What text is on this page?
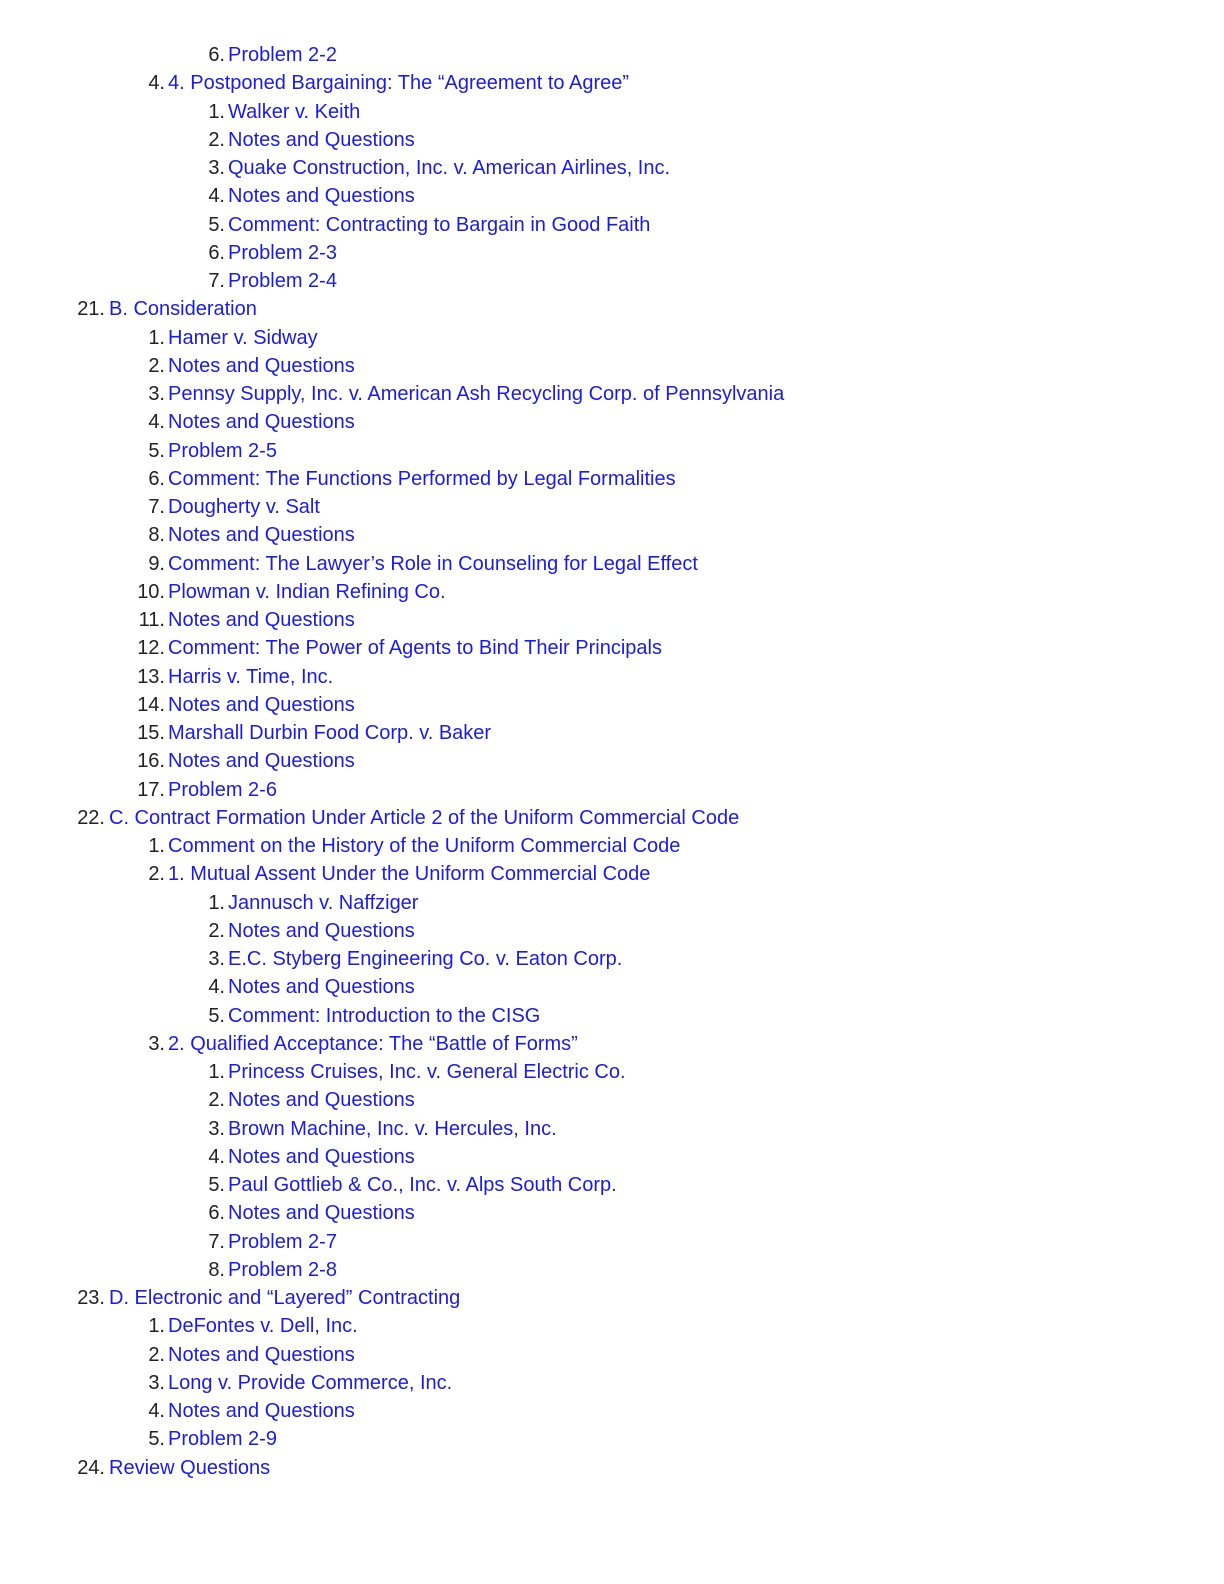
6. Problem 2-2
4. 4. Postponed Bargaining: The “Agreement to Agree”
1. Walker v. Keith
2. Notes and Questions
3. Quake Construction, Inc. v. American Airlines, Inc.
4. Notes and Questions
5. Comment: Contracting to Bargain in Good Faith
6. Problem 2-3
7. Problem 2-4
21. B. Consideration
1. Hamer v. Sidway
2. Notes and Questions
3. Pennsy Supply, Inc. v. American Ash Recycling Corp. of Pennsylvania
4. Notes and Questions
5. Problem 2-5
6. Comment: The Functions Performed by Legal Formalities
7. Dougherty v. Salt
8. Notes and Questions
9. Comment: The Lawyer’s Role in Counseling for Legal Effect
10. Plowman v. Indian Refining Co.
11. Notes and Questions
12. Comment: The Power of Agents to Bind Their Principals
13. Harris v. Time, Inc.
14. Notes and Questions
15. Marshall Durbin Food Corp. v. Baker
16. Notes and Questions
17. Problem 2-6
22. C. Contract Formation Under Article 2 of the Uniform Commercial Code
1. Comment on the History of the Uniform Commercial Code
2. 1. Mutual Assent Under the Uniform Commercial Code
1. Jannusch v. Naffziger
2. Notes and Questions
3. E.C. Styberg Engineering Co. v. Eaton Corp.
4. Notes and Questions
5. Comment: Introduction to the CISG
3. 2. Qualified Acceptance: The “Battle of Forms”
1. Princess Cruises, Inc. v. General Electric Co.
2. Notes and Questions
3. Brown Machine, Inc. v. Hercules, Inc.
4. Notes and Questions
5. Paul Gottlieb & Co., Inc. v. Alps South Corp.
6. Notes and Questions
7. Problem 2-7
8. Problem 2-8
23. D. Electronic and “Layered” Contracting
1. DeFontes v. Dell, Inc.
2. Notes and Questions
3. Long v. Provide Commerce, Inc.
4. Notes and Questions
5. Problem 2-9
24. Review Questions
